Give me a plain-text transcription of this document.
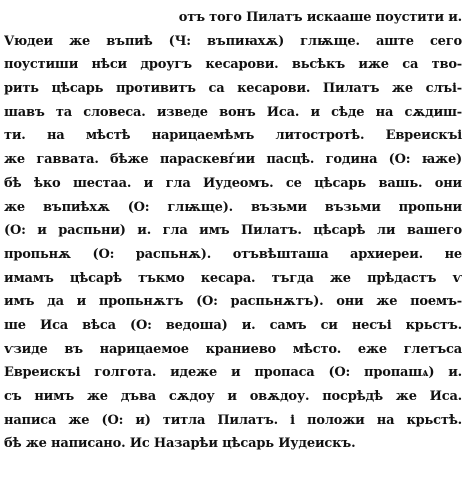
отъ того Пилатъ искааше поустити и.
Vюдеи же въпиѣ (Ч: въпиꙗхѫ) глѭще. аште сего
поустиши нѣси дроугъ кесарови. вьсѣкъ иже са тво-
рить цѣсарь противитъ са кесарови. Пилатъ же слъі-
шавъ та словеса. изведе вонъ Иса. и сѣде на сѫдиш-
ти. на мѣстѣ нарицаемѣмъ литострoтѣ. Евреискъі
же гаввата. бѣже параскевѓии пасцѣ. година (О: ꙗже)
бѣ ѣко шестаа. и гла Иудеомъ. се цѣсарь вашь. они
же въпиѣхѫ (О: глѭще). възьми възьми пропьни
(О: и распьни) и. гла имъ Пилатъ. цѣсарѣ ли вашего
пропьнѫ (О: распьнѫ). отъвѣшташа архиереи. не
имамъ цѣсарѣ тъкмо кесара. тъгда же прѣдастъ ѵ
имъ да и пропьнѫтъ (О: распьнѫтъ). они же поемъ-
ше Иса вѣса (О: ведоша) и. самъ си несъі крьстъ.
ѵзиде въ нарицаемое краниево мѣсто. еже глетъса
Евреискъі голгота. идеже и пропаса (О: пропашѧ) и.
съ нимъ же дъва сѫдоу и овѫдоу. посрѣдѣ же Иса.
написа же (О: и) титла Пилатъ. і положи на крьстѣ.
бѣ же написано. Ис Назарѣи цѣсарь Иудеискъ.
